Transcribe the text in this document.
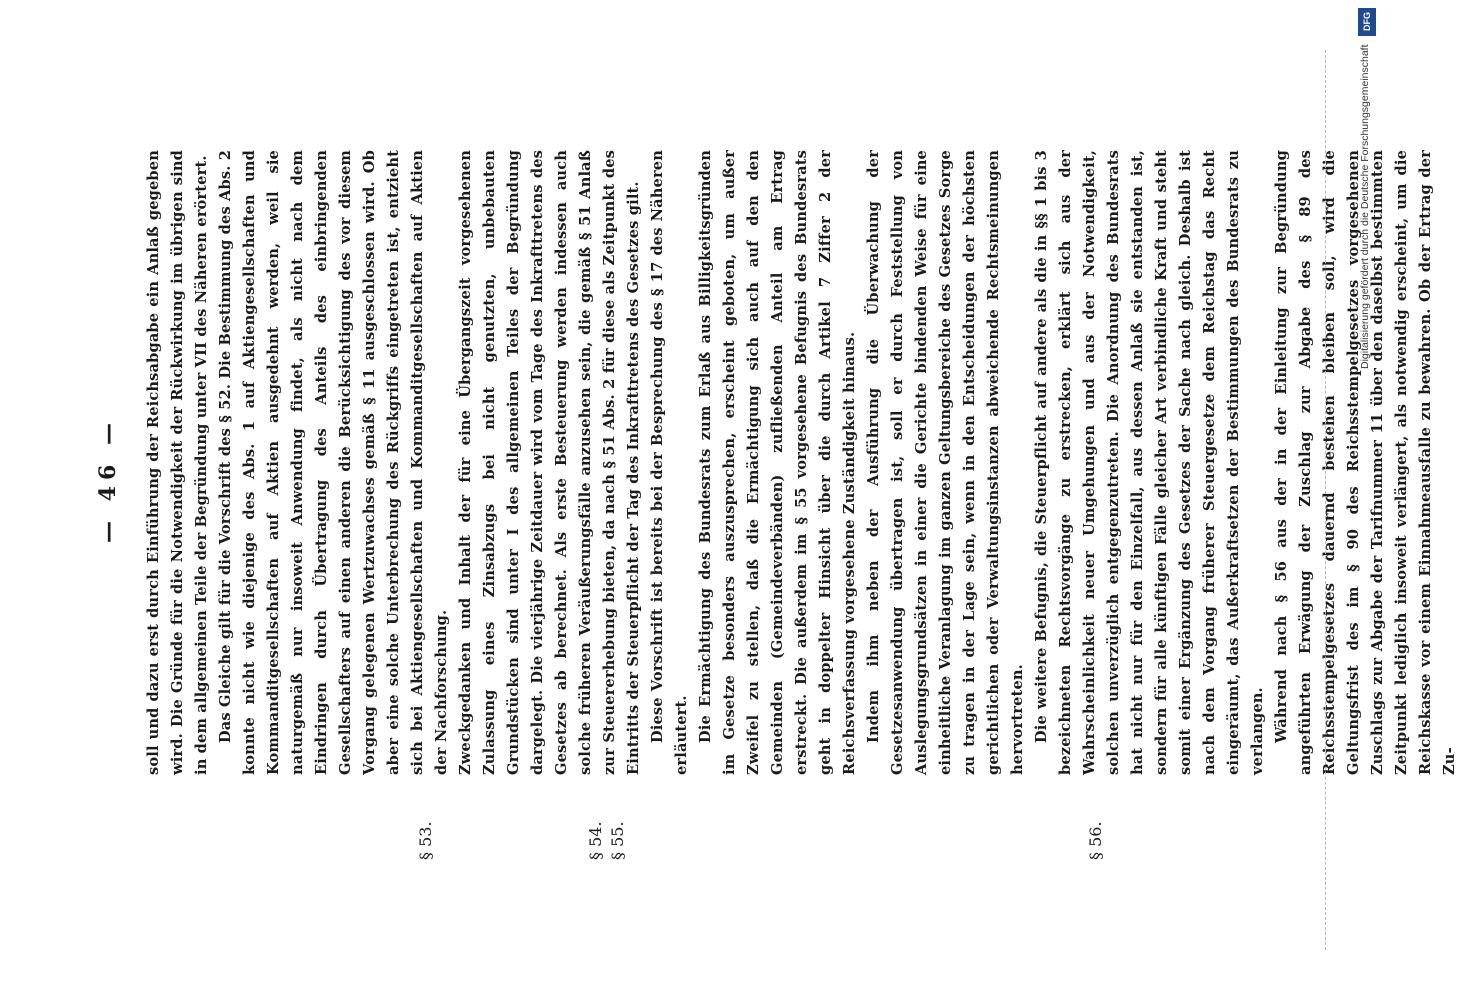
— 46 —
§ 53.	§ 54. § 55.	§ 56.

soll und dazu erst durch Einführung der Reichsabgabe ein Anlaß gegeben wird. Die Gründe für die Notwendigkeit der Rückwirkung im übrigen sind in dem allgemeinen Teile der Begründung unter VII des Näheren erörtert. Das Gleiche gilt für die Vorschrift des § 52. Die Bestimmung des Abs. 2 konnte nicht wie diejenige des Abs. 1 auf Aktiengesellschaften und Kommanditgesellschaften auf Aktien ausgedehnt werden, weil sie naturgemäß nur insoweit Anwendung findet, als nicht nach dem Eindringen durch Übertragung des Anteils des einbringenden Gesellschafters auf einen anderen die Berücksichtigung des vor diesem Vorgang gelegenen Wertzuwachses gemäß § 11 ausgeschlossen wird. Ob aber eine solche Unterbrechung des Rückgriffs eingetreten ist, entzieht sich bei Aktiengesellschaften und Kommanditgesellschaften auf Aktien der Nachforschung. Zweckgedanken und Inhalt der für eine Übergangszeit vorgesehenen Zulassung eines Zinsabzugs bei nicht genutzten, unbebauten Grundstücken sind unter I des allgemeinen Teiles der Begründung dargelegt. Die vierjährige Zeitdauer wird vom Tage des Inkrafttretens des Gesetzes ab berechnet. Als erste Besteuerung werden indessen auch solche früheren Veräußerungsfälle anzusehen sein, die gemäß § 51 Anlaß zur Steuererhebung bieten, da nach § 51 Abs. 2 für diese als Zeitpunkt des Eintritts der Steuerpflicht der Tag des Inkrafttretens des Gesetzes gilt. Diese Vorschrift ist bereits bei der Besprechung des § 17 des Näheren erläutert. Die Ermächtigung des Bundesrats zum Erlaß aus Billigkeitsgründen im Gesetze besonders auszusprechen, erscheint geboten, um außer Zweifel zu stellen, daß die Ermächtigung sich auch auf den den Gemeinden (Gemeindeverbänden) zufließenden Anteil am Ertrag erstreckt. Die außerdem im § 55 vorgesehene Befugnis des Bundesrats geht in doppelter Hinsicht über die durch Artikel 7 Ziffer 2 der Reichsverfassung vorgesehene Zuständigkeit hinaus. Indem ihm neben der Ausführung die Überwachung der Gesetzesanwendung übertragen ist, soll er durch Feststellung von Auslegungsgrundsätzen in einer die Gerichte bindenden Weise für eine einheitliche Veranlagung im ganzen Geltungsbereiche des Gesetzes Sorge zu tragen in der Lage sein, wenn in den Entscheidungen der höchsten gerichtlichen oder Verwaltungsinstanzen abweichende Rechtsmeinungen hervortreten. Die weitere Befugnis, die Steuerpflicht auf andere als die in §§ 1 bis 3 bezeichneten Rechtsvorgänge zu erstrecken, erklärt sich aus der Wahrscheinlichkeit neuer Umgehungen und aus der Notwendigkeit, solchen unverzüglich entgegenzutreten. Die Anordnung des Bundesrats hat nicht nur für den Einzelfall, aus dessen Anlaß sie entstanden ist, sondern für alle künftigen Fälle gleicher Art verbindliche Kraft und steht somit einer Ergänzung des Gesetzes der Sache nach gleich. Deshalb ist nach dem Vorgang früherer Steuergesetze dem Reichstag das Recht eingeräumt, das Außerkraftsetzen der Bestimmungen des Bundesrats zu verlangen. Während nach § 56 aus der in der Einleitung zur Begründung angeführten Erwägung der Zuschlag zur Abgabe des § 89 des Reichsstempelgesetzes dauernd bestehen bleiben soll, wird die Geltungsfrist des im § 90 des Reichsstempelgesetzes vorgesehenen Zuschlags zur Abgabe der Tarifnummer 11 über den daselbst bestimmten Zeitpunkt lediglich insoweit verlängert, als notwendig erscheint, um die Reichskasse vor einem Einnahmeausfalle zu bewahren. Ob der Ertrag der Zu-

DFG
Digitalisierung gefördert durch die Deutsche Forschungsgemeinschaft
